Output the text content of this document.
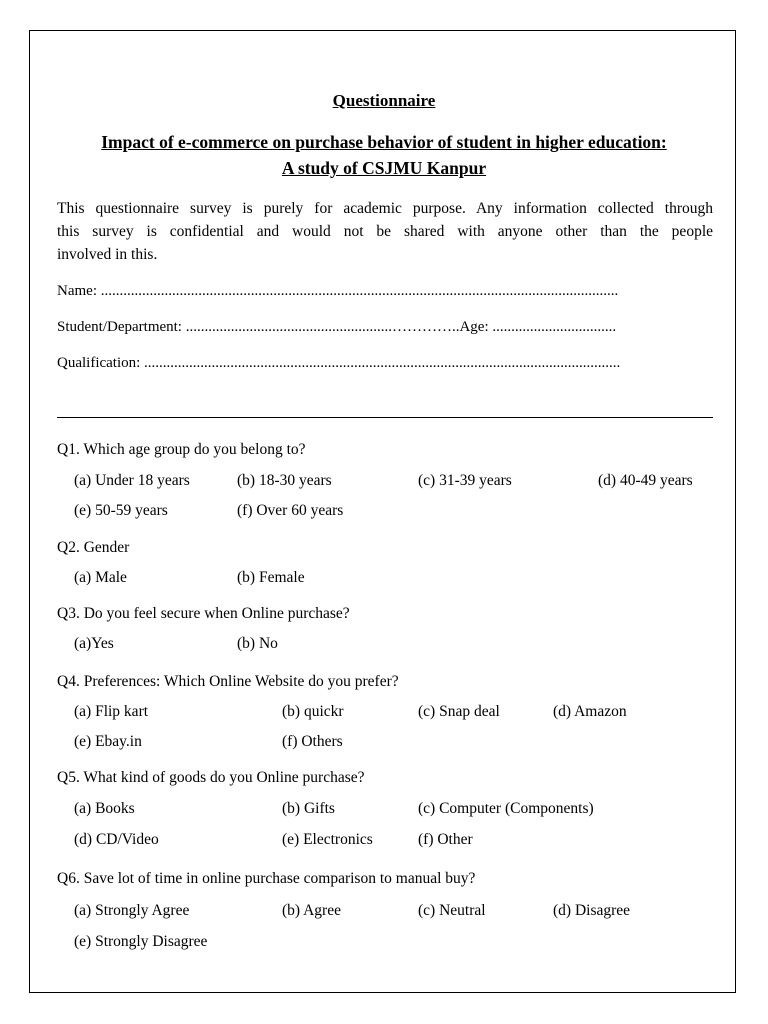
Questionnaire
Impact of e-commerce on purchase behavior of student in higher education:
A study of CSJMU Kanpur
This questionnaire survey is purely for academic purpose. Any information collected through
this survey is confidential and would not be shared with anyone other than the people
involved in this.
Name: ..........................................................................................................................................
Student/Department: .......................................................…………..Age: .................................
Qualification: ...............................................................................................................................
Q1. Which age group do you belong to?
(a) Under 18 years	(b) 18-30 years	(c) 31-39 years	(d) 40-49 years
(e) 50-59 years	(f) Over 60 years
Q2. Gender
(a) Male	(b) Female
Q3. Do you feel secure when Online purchase?
(a)Yes	(b) No
Q4. Preferences: Which Online Website do you prefer?
(a) Flip kart	(b) quickr	(c) Snap deal	(d) Amazon
(e) Ebay.in	(f) Others
Q5. What kind of goods do you Online purchase?
(a) Books	(b) Gifts	(c) Computer (Components)
(d) CD/Video	(e) Electronics	(f) Other
Q6. Save lot of time in online purchase comparison to manual buy?
(a) Strongly Agree	(b) Agree	(c) Neutral	(d) Disagree
(e) Strongly Disagree
